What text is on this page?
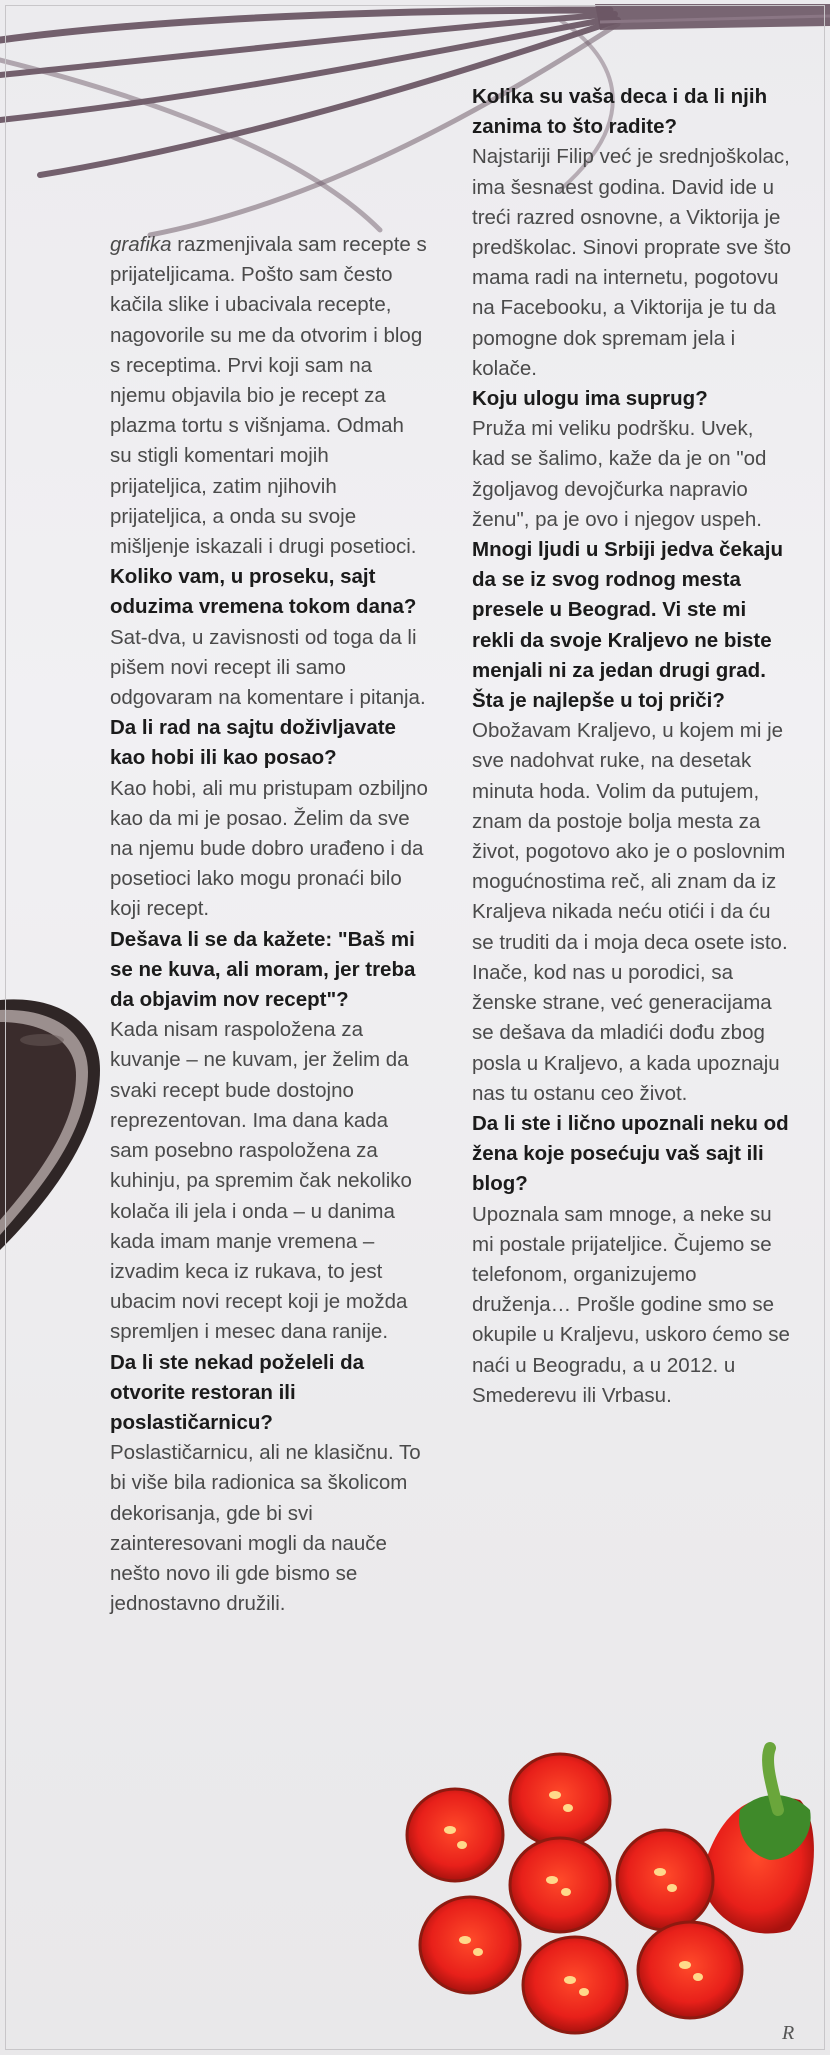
grafika razmenjivala sam recepte s prijateljicama. Pošto sam često kačila slike i ubacivala recepte, nagovorile su me da otvorim i blog s receptima. Prvi koji sam na njemu objavila bio je recept za plazma tortu s višnjama. Odmah su stigli komentari mojih prijateljica, zatim njihovih prijateljica, a onda su svoje mišljenje iskazali i drugi posetioci.

Koliko vam, u proseku, sajt oduzima vremena tokom dana?

Sat-dva, u zavisnosti od toga da li pišem novi recept ili samo odgovaram na komentare i pitanja.

Da li rad na sajtu doživljavate kao hobi ili kao posao?

Kao hobi, ali mu pristupam ozbiljno kao da mi je posao. Želim da sve na njemu bude dobro urađeno i da posetioci lako mogu pronaći bilo koji recept.

Dešava li se da kažete: "Baš mi se ne kuva, ali moram, jer treba da objavim nov recept"?

Kada nisam raspoložena za kuvanje – ne kuvam, jer želim da svaki recept bude dostojno reprezentovan. Ima dana kada sam posebno raspoložena za kuhinju, pa spremim čak nekoliko kolača ili jela i onda – u danima kada imam manje vremena – izvadim keca iz rukava, to jest ubacim novi recept koji je možda spremljen i mesec dana ranije.

Da li ste nekad poželeli da otvorite restoran ili poslastičarnicu?

Poslastičarnicu, ali ne klasičnu. To bi više bila radionica sa školicom dekorisanja, gde bi svi zainteresovani mogli da nauče nešto novo ili gde bismo se jednostavno družili.

Kolika su vaša deca i da li njih zanima to što radite?

Najstariji Filip već je srednjoškolac, ima šesnaest godina. David ide u treći razred osnovne, a Viktorija je predškolac. Sinovi propratе sve što mama radi na internetu, pogotovu na Facebooku, a Viktorija je tu da pomogne dok spremam jela i kolače.

Koju ulogu ima suprug?

Pruža mi veliku podršku. Uvek, kad se šalimo, kaže da je on "od žgoljavog devojčurka napravio ženu", pa je ovo i njegov uspeh.

Mnogi ljudi u Srbiji jedva čekaju da se iz svog rodnog mesta presele u Beograd. Vi ste mi rekli da svoje Kraljevo ne biste menjali ni za jedan drugi grad. Šta je najlepše u toj priči?

Obožavam Kraljevo, u kojem mi je sve nadohvat ruke, na desetak minuta hoda. Volim da putujem, znam da postoje bolja mesta za život, pogotovo ako je o poslovnim mogućnostima reč, ali znam da iz Kraljeva nikada neću otići i da ću se truditi da i moja deca osete isto. Inače, kod nas u porodici, sa ženske strane, već generacijama se dešava da mladići dođu zbog posla u Kraljevo, a kada upoznaju nas tu ostanu ceo život.

Da li ste i lično upoznali neku od žena koje posećuju vaš sajt ili blog?

Upoznala sam mnoge, a neke su mi postale prijateljice. Čujemo se telefonom, organizujemo druženja… Prošle godine smo se okupile u Kraljevu, uskoro ćemo se naći u Beogradu, a u 2012. u Smederevu ili Vrbasu.

R
